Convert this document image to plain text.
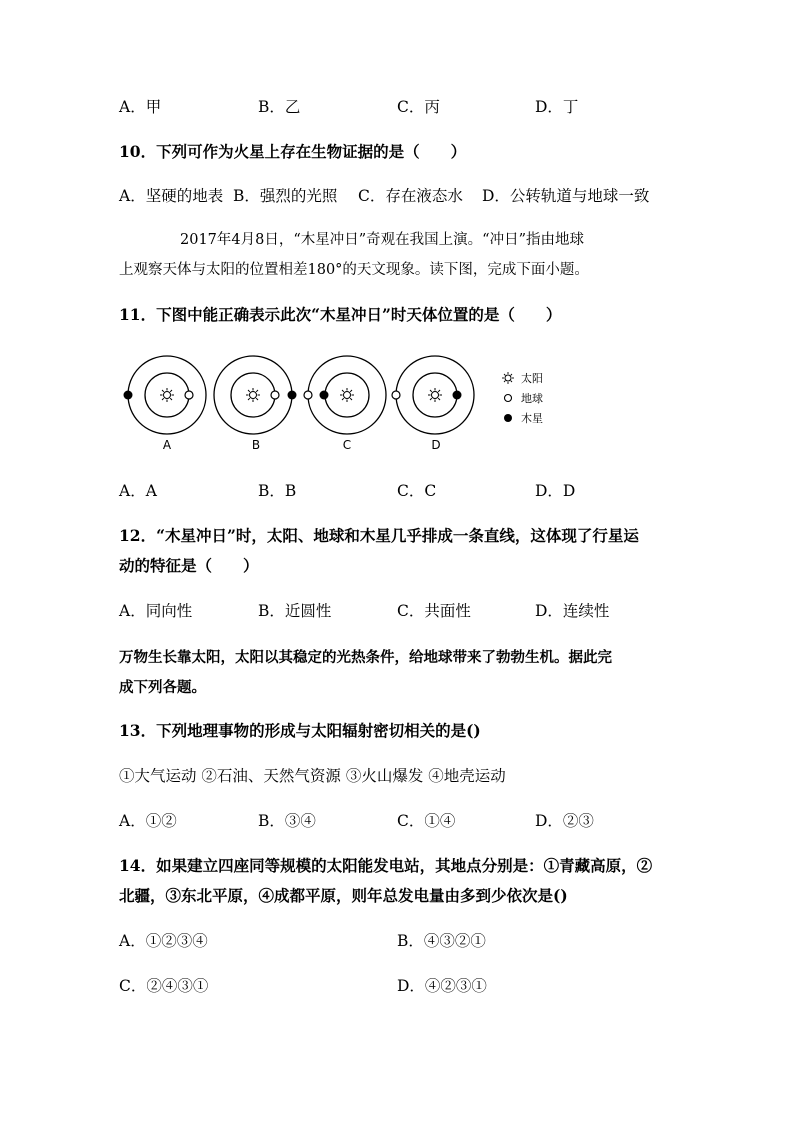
A．甲	B．乙	C．丙	D．丁
10．下列可作为火星上存在生物证据的是（　　）
A．坚硬的地表 B．强烈的光照 C．存在液态水 D．公转轨道与地球一致
2017年4月8日，“木星冲日”奇观在我国上演。“冲日”指由地球
上观察天体与太阳的位置相差180°的天文现象。读下图，完成下面小题。
11．下图中能正确表示此次“木星冲日”时天体位置的是（　　）
A	B	C	D
太阳
地球
木星
A．A	B．B	C．C	D．D
12．“木星冲日”时，太阳、地球和木星几乎排成一条直线，这体现了行星运
动的特征是（　　）
A．同向性	B．近圆性	C．共面性	D．连续性
万物生长靠太阳，太阳以其稳定的光热条件，给地球带来了勃勃生机。据此完
成下列各题。
13．下列地理事物的形成与太阳辐射密切相关的是()
①大气运动 ②石油、天然气资源 ③火山爆发 ④地壳运动
A．①②	B．③④	C．①④	D．②③
14．如果建立四座同等规模的太阳能发电站，其地点分别是：①青藏高原，②
北疆，③东北平原，④成都平原，则年总发电量由多到少依次是()
A．①②③④	B．④③②①
C．②④③①	D．④②③①
